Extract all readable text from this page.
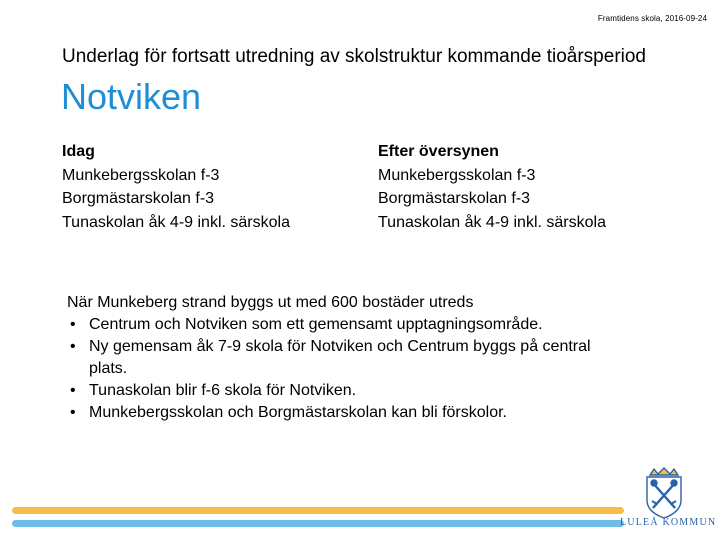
Framtidens skola, 2016-09-24
Underlag för fortsatt utredning av skolstruktur kommande tioårsperiod
Notviken
Idag
Munkebergsskolan f-3
Borgmästarskolan f-3
Tunaskolan åk 4-9 inkl. särskola
Efter översynen
Munkebergsskolan f-3
Borgmästarskolan f-3
Tunaskolan åk 4-9 inkl. särskola
När Munkeberg strand byggs ut med 600 bostäder utreds
• Centrum och Notviken som ett gemensamt upptagningsområde.
• Ny gemensam åk 7-9 skola för Notviken och Centrum byggs på central plats.
• Tunaskolan blir f-6 skola för Notviken.
• Munkebergsskolan och Borgmästarskolan kan bli förskolor.
LULEÅ KOMMUN
